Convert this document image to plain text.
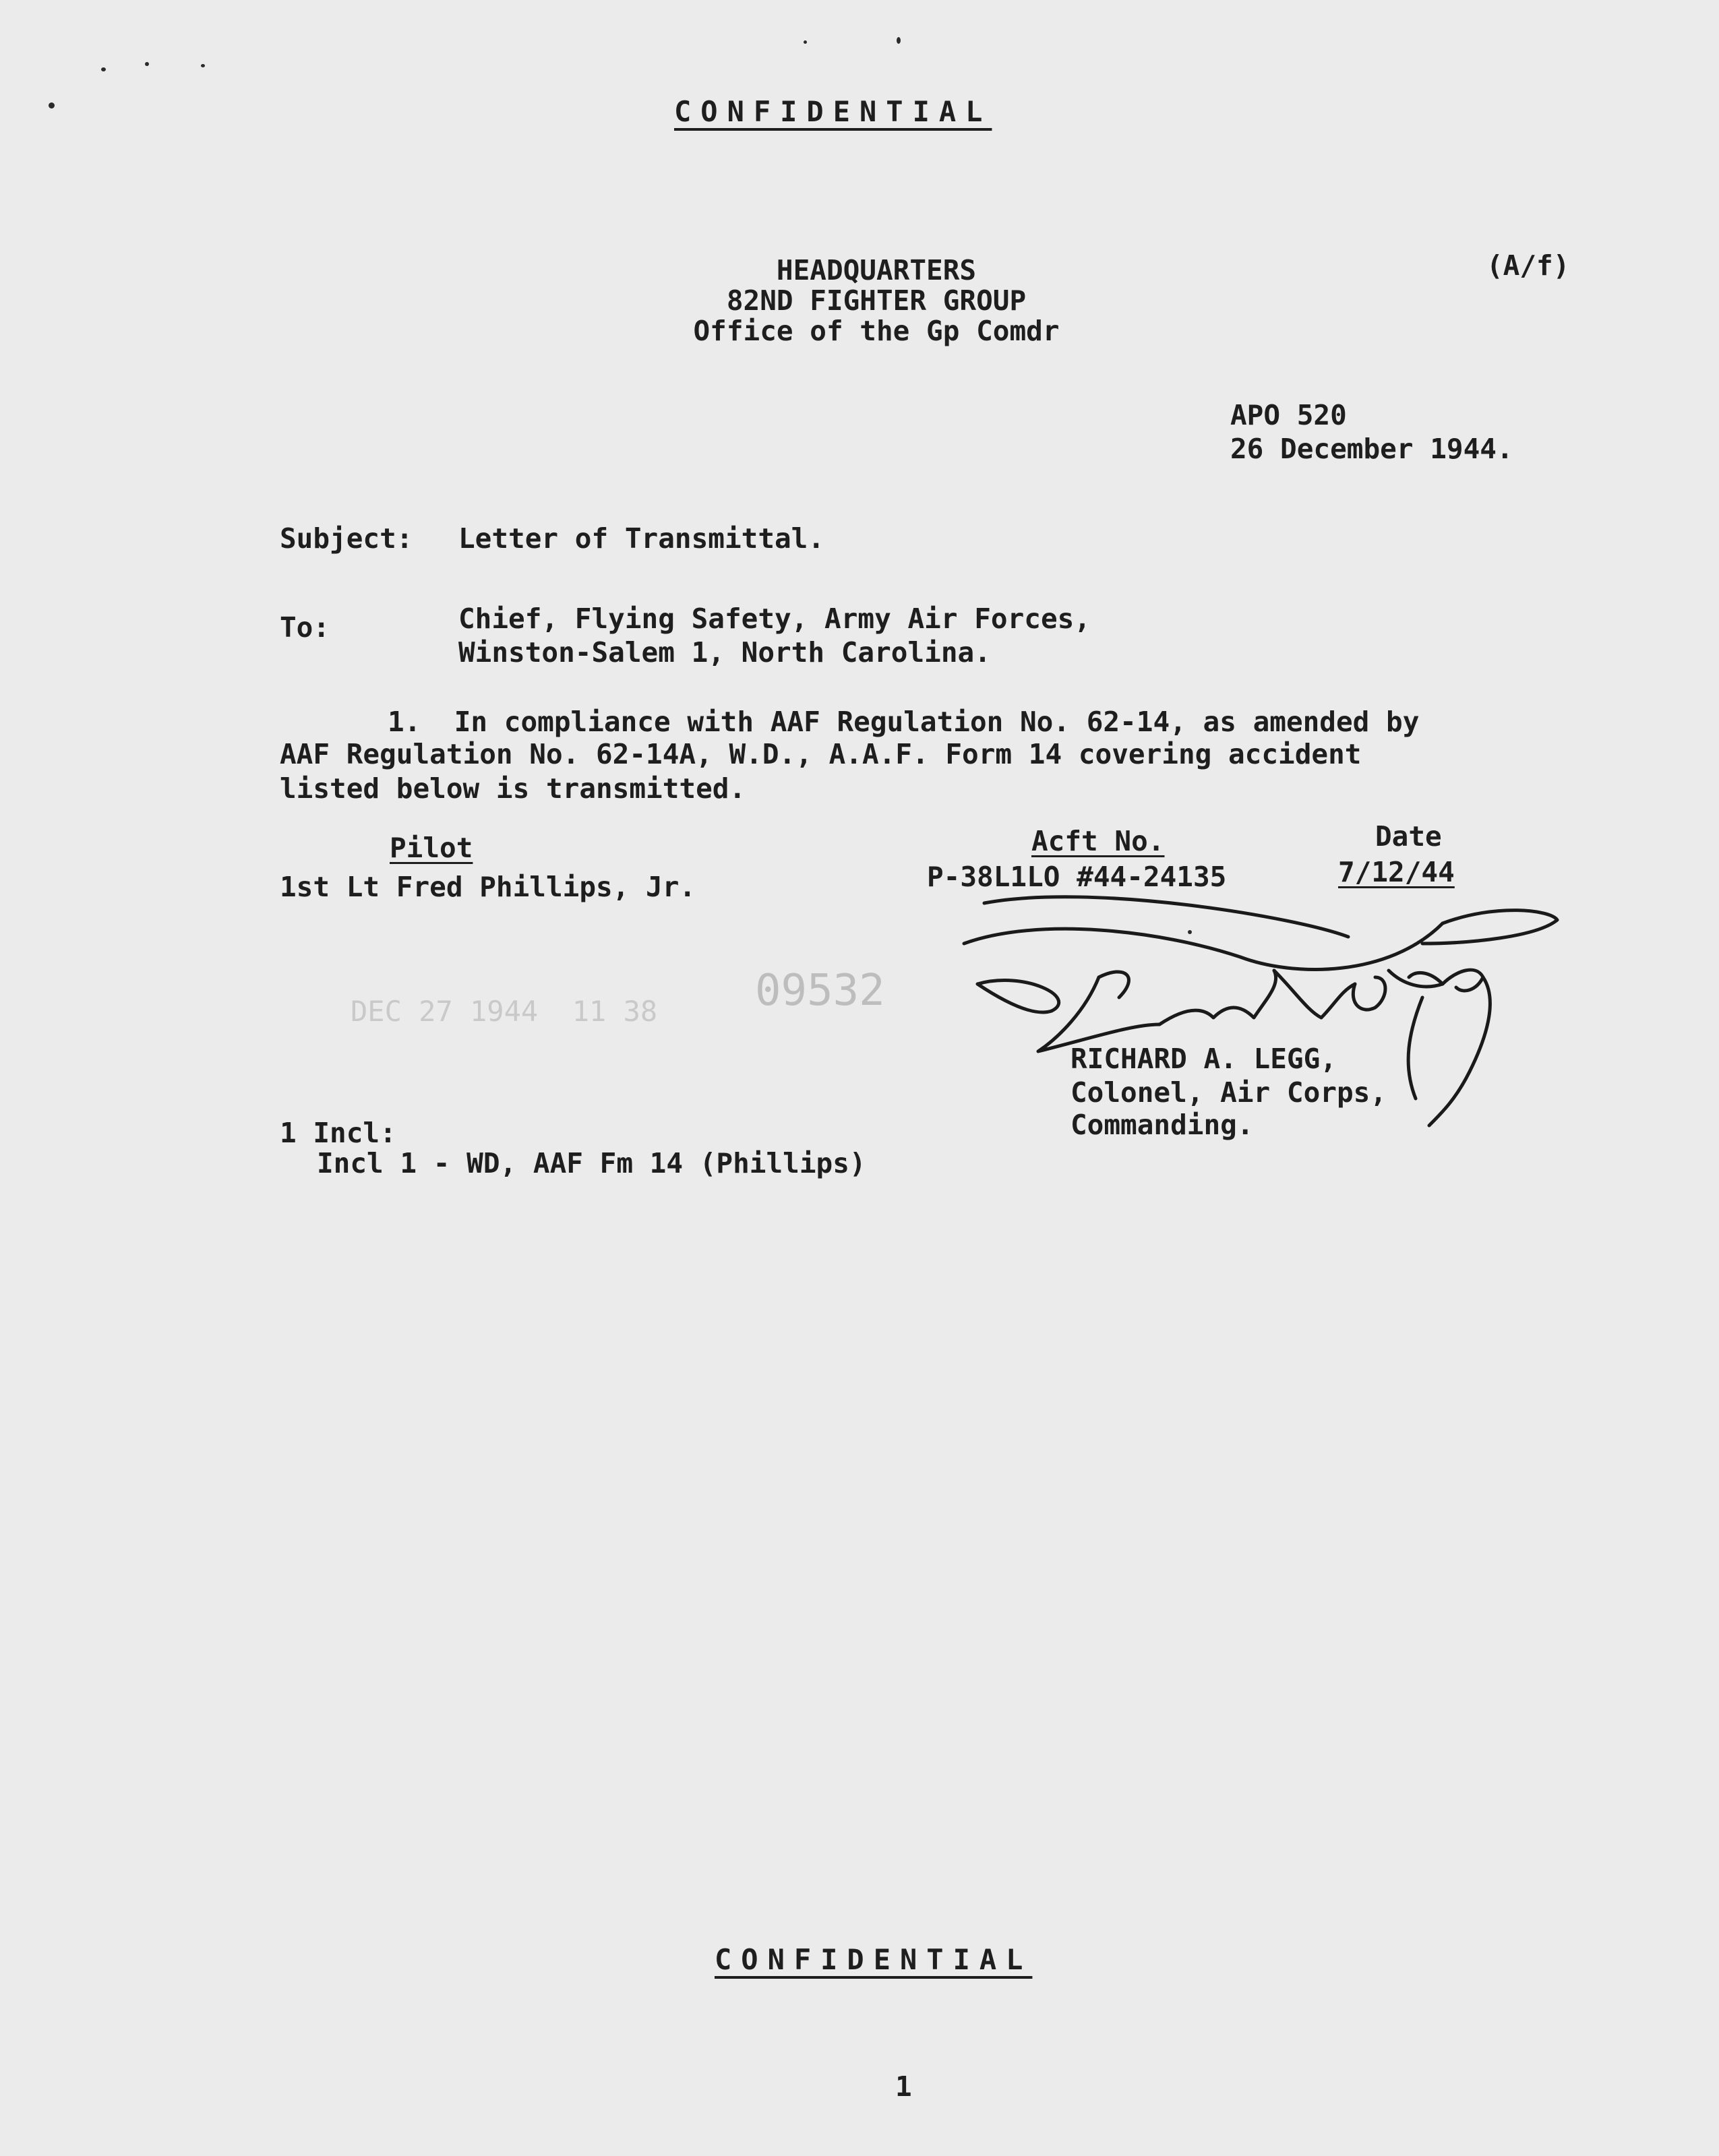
CONFIDENTIAL
(A/f)
HEADQUARTERS
82ND FIGHTER GROUP
Office of the Gp Comdr
APO 520
26 December 1944.
Subject: Letter of Transmittal.
To:	Chief, Flying Safety, Army Air Forces,
Winston-Salem 1, North Carolina.
1.  In compliance with AAF Regulation No. 62-14, as amended by
AAF Regulation No. 62-14A, W.D., A.A.F. Form 14 covering accident
listed below is transmitted.
Pilot	Acft No.	Date
1st Lt Fred Phillips, Jr.	P-38L1LO #44-24135	7/12/44
DEC 27 1944  11 38 09532
RICHARD A. LEGG,
Colonel, Air Corps,
Commanding.
1 Incl:
Incl 1 - WD, AAF Fm 14 (Phillips)
CONFIDENTIAL
1
